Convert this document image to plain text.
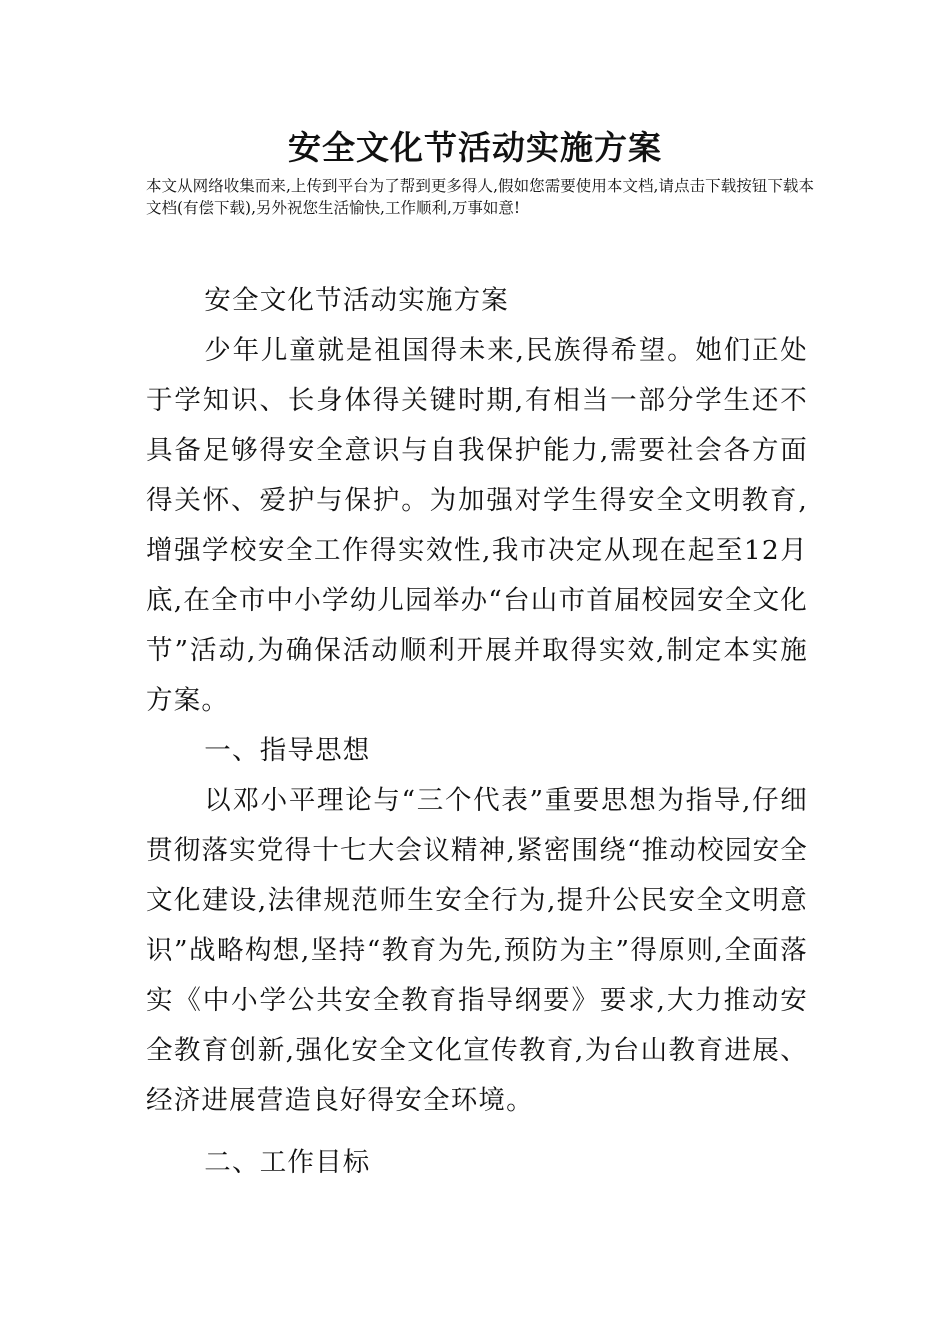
安全文化节活动实施方案
本文从网络收集而来,上传到平台为了帮到更多得人,假如您需要使用本文档,请点击下载按钮下载本文档(有偿下载),另外祝您生活愉快,工作顺利,万事如意!

安全文化节活动实施方案

少年儿童就是祖国得未来,民族得希望。她们正处于学知识、长身体得关键时期,有相当一部分学生还不具备足够得安全意识与自我保护能力,需要社会各方面得关怀、爱护与保护。为加强对学生得安全文明教育,增强学校安全工作得实效性,我市决定从现在起至12月底,在全市中小学幼儿园举办“台山市首届校园安全文化节”活动,为确保活动顺利开展并取得实效,制定本实施方案。

一、指导思想

以邓小平理论与“三个代表”重要思想为指导,仔细贯彻落实党得十七大会议精神,紧密围绕“推动校园安全文化建设,法律规范师生安全行为,提升公民安全文明意识”战略构想,坚持“教育为先,预防为主”得原则,全面落实《中小学公共安全教育指导纲要》要求,大力推动安全教育创新,强化安全文化宣传教育,为台山教育进展、经济进展营造良好得安全环境。

二、工作目标
